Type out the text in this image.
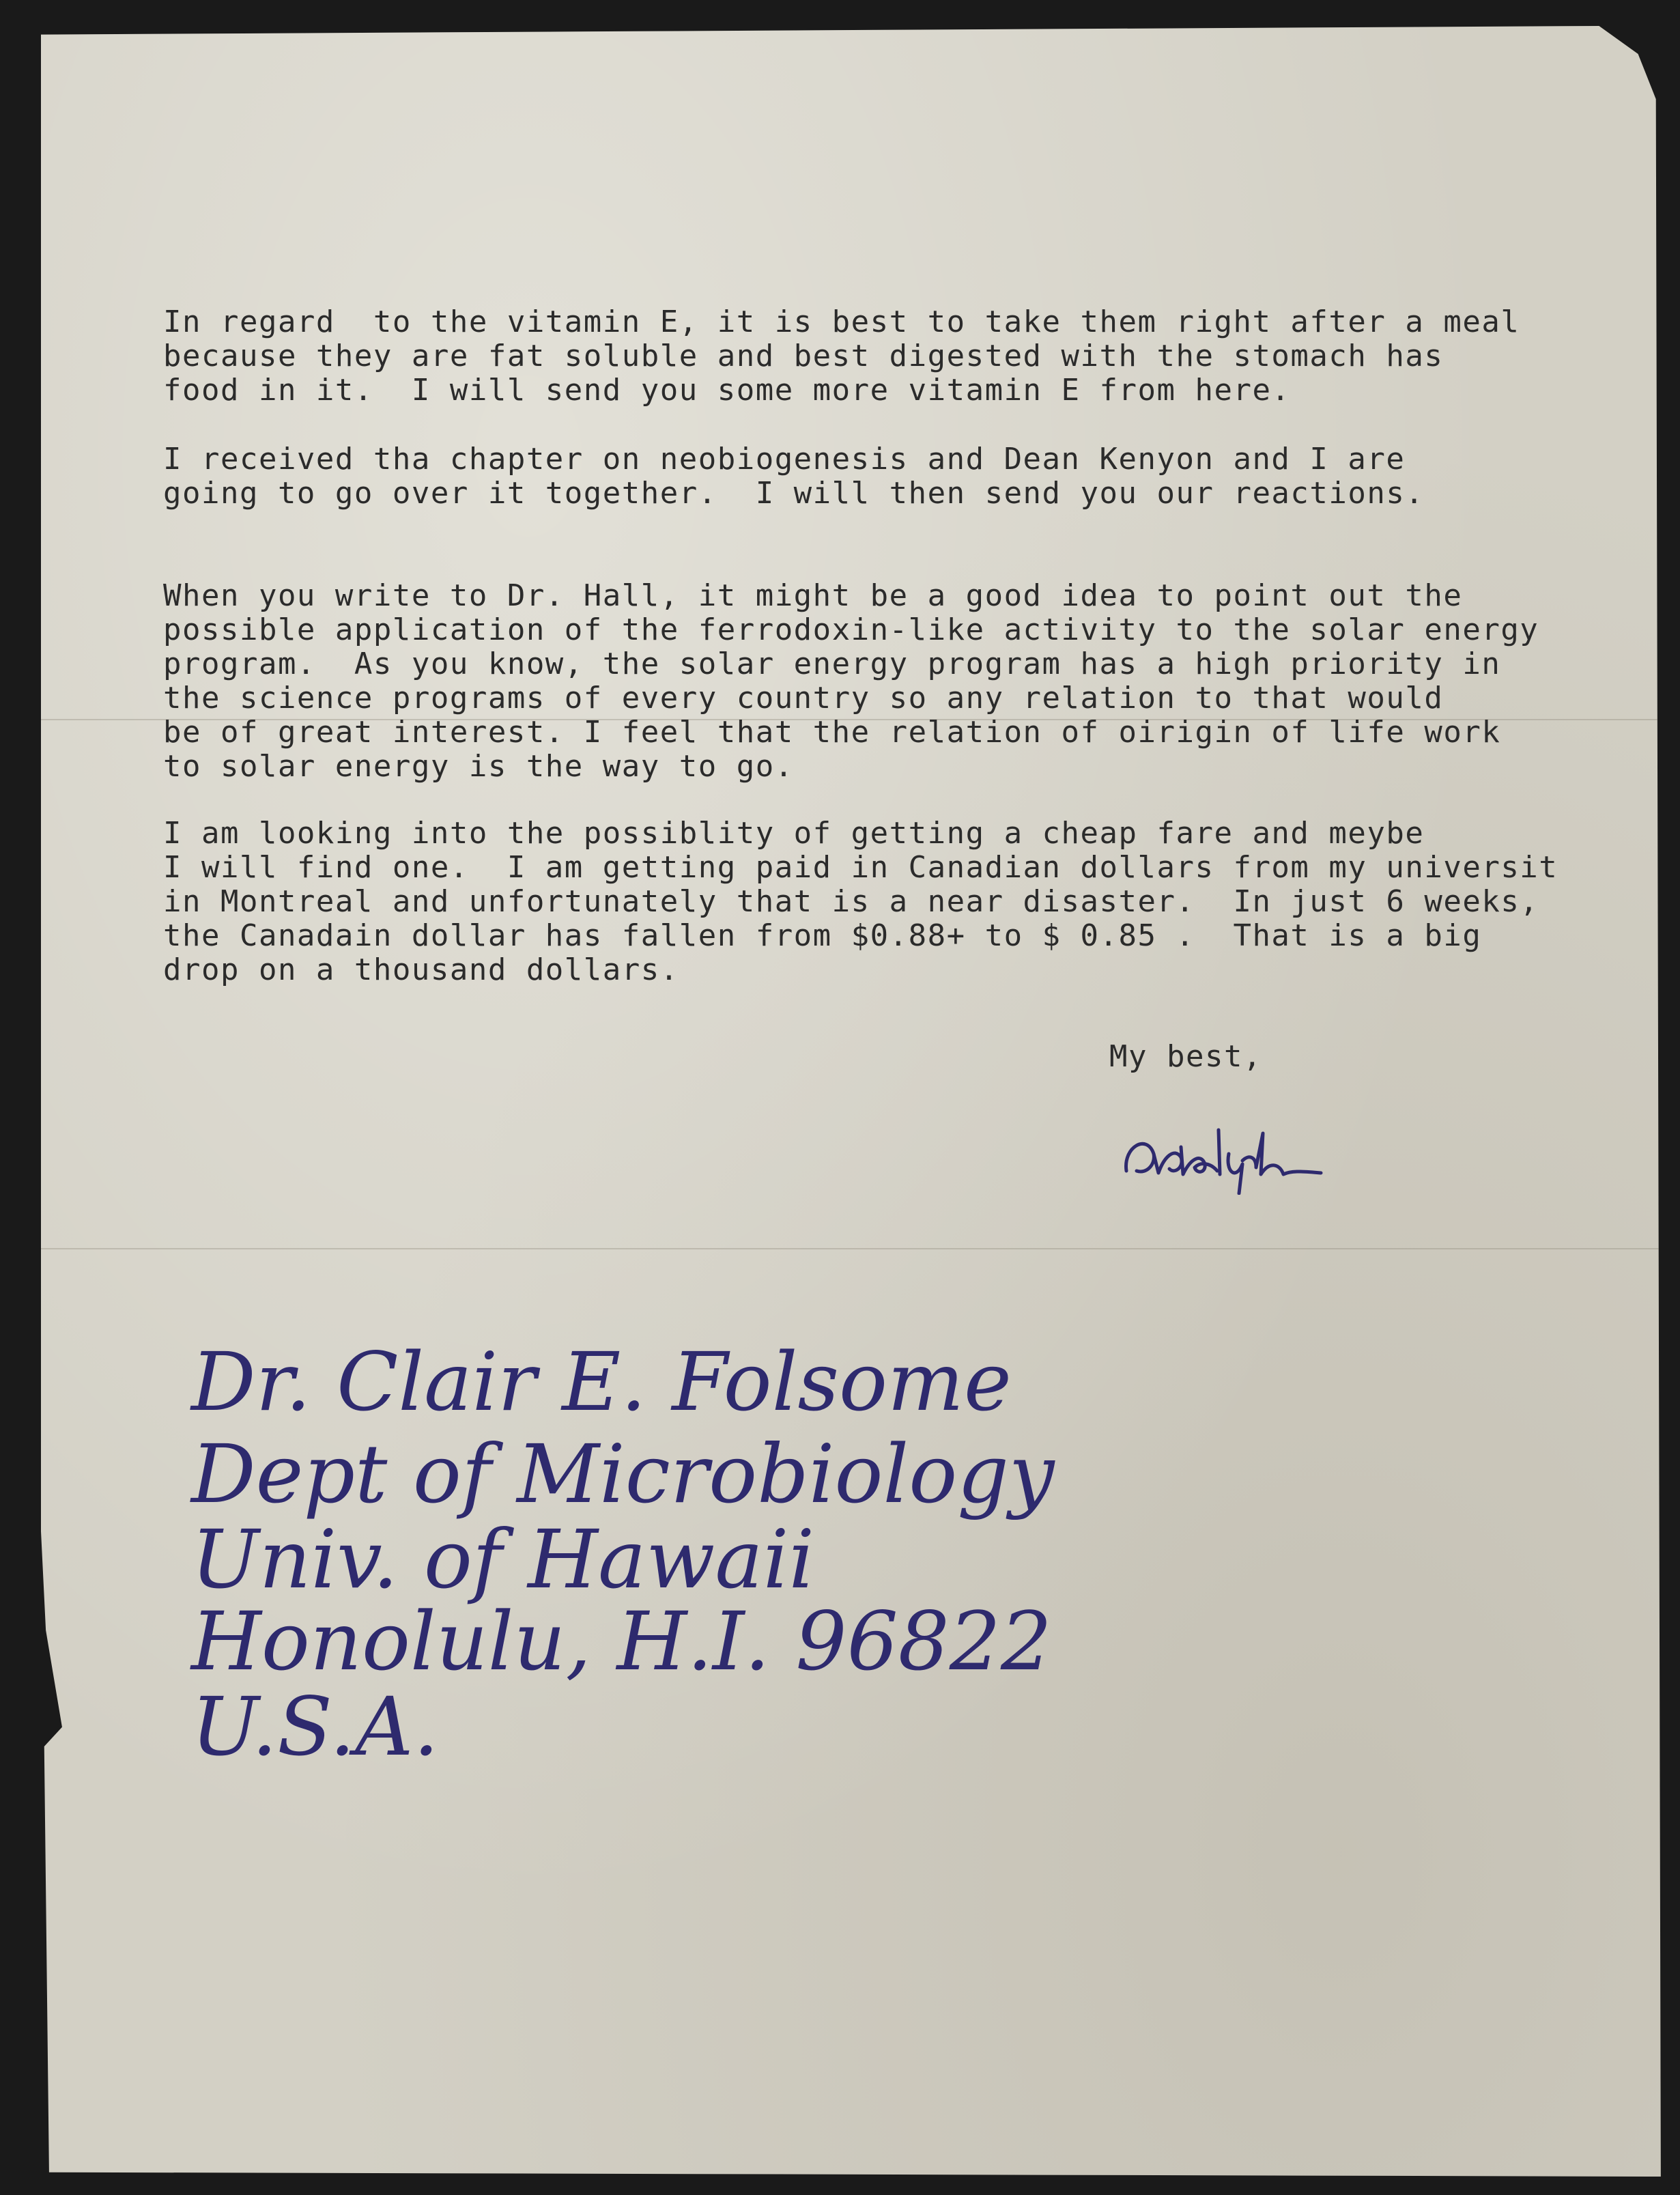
In regard  to the vitamin E, it is best to take them right after a meal
because they are fat soluble and best digested with the stomach has
food in it.  I will send you some more vitamin E from here.
I received tha chapter on neobiogenesis and Dean Kenyon and I are
going to go over it together.  I will then send you our reactions.
When you write to Dr. Hall, it might be a good idea to point out the
possible application of the ferrodoxin-like activity to the solar energy
program.  As you know, the solar energy program has a high priority in
the science programs of every country so any relation to that would
be of great interest. I feel that the relation of oirigin of life work
to solar energy is the way to go.
I am looking into the possiblity of getting a cheap fare and meybe
I will find one.  I am getting paid in Canadian dollars from my universit
in Montreal and unfortunately that is a near disaster.  In just 6 weeks,
the Canadain dollar has fallen from $0.88+ to $ 0.85 .  That is a big
drop on a thousand dollars.
My best,
Dr. Clair E. Folsome
Dept of Microbiology
Univ. of Hawaii
Honolulu, H.I. 96822
U.S.A.
